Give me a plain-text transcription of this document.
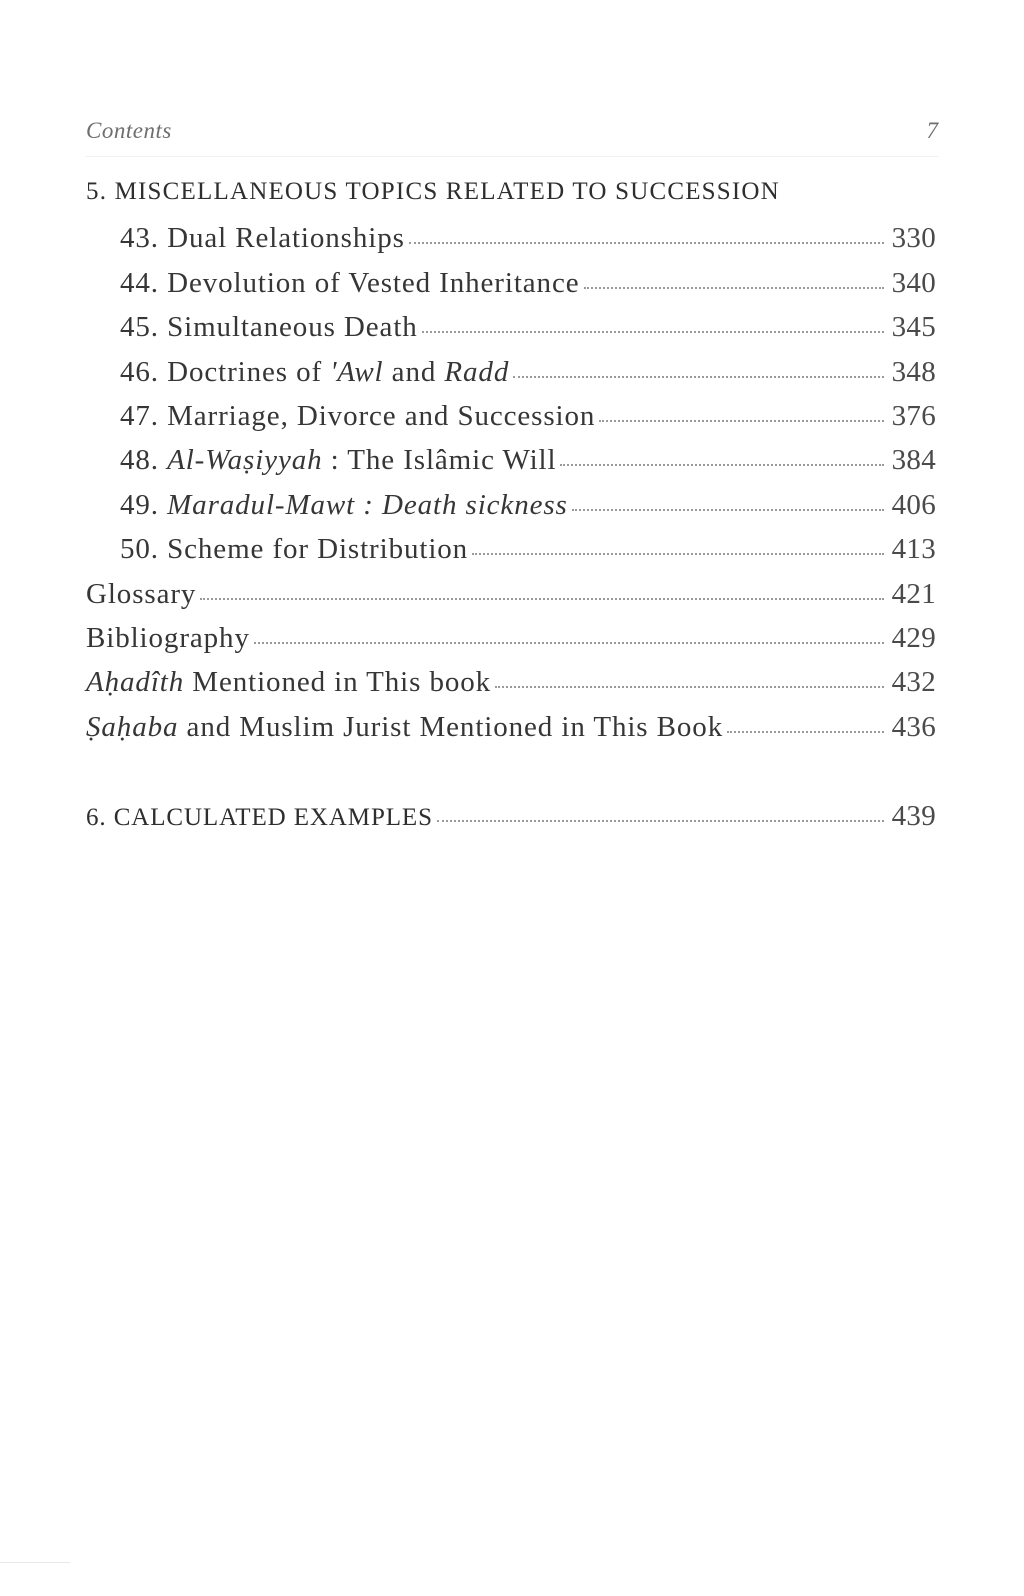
Contents	7
5. MISCELLANEOUS TOPICS RELATED TO SUCCESSION
43. Dual Relationships	330
44. Devolution of Vested Inheritance	340
45. Simultaneous Death	345
46. Doctrines of 'Awl and Radd	348
47. Marriage, Divorce and Succession	376
48. Al-Waṣiyyah : The Islâmic Will	384
49. Maradul-Mawt : Death sickness	406
50. Scheme for Distribution	413
Glossary	421
Bibliography	429
Aḥadîth Mentioned in This book	432
Ṣaḥaba and Muslim Jurist Mentioned in This Book	436
6. CALCULATED EXAMPLES	439
